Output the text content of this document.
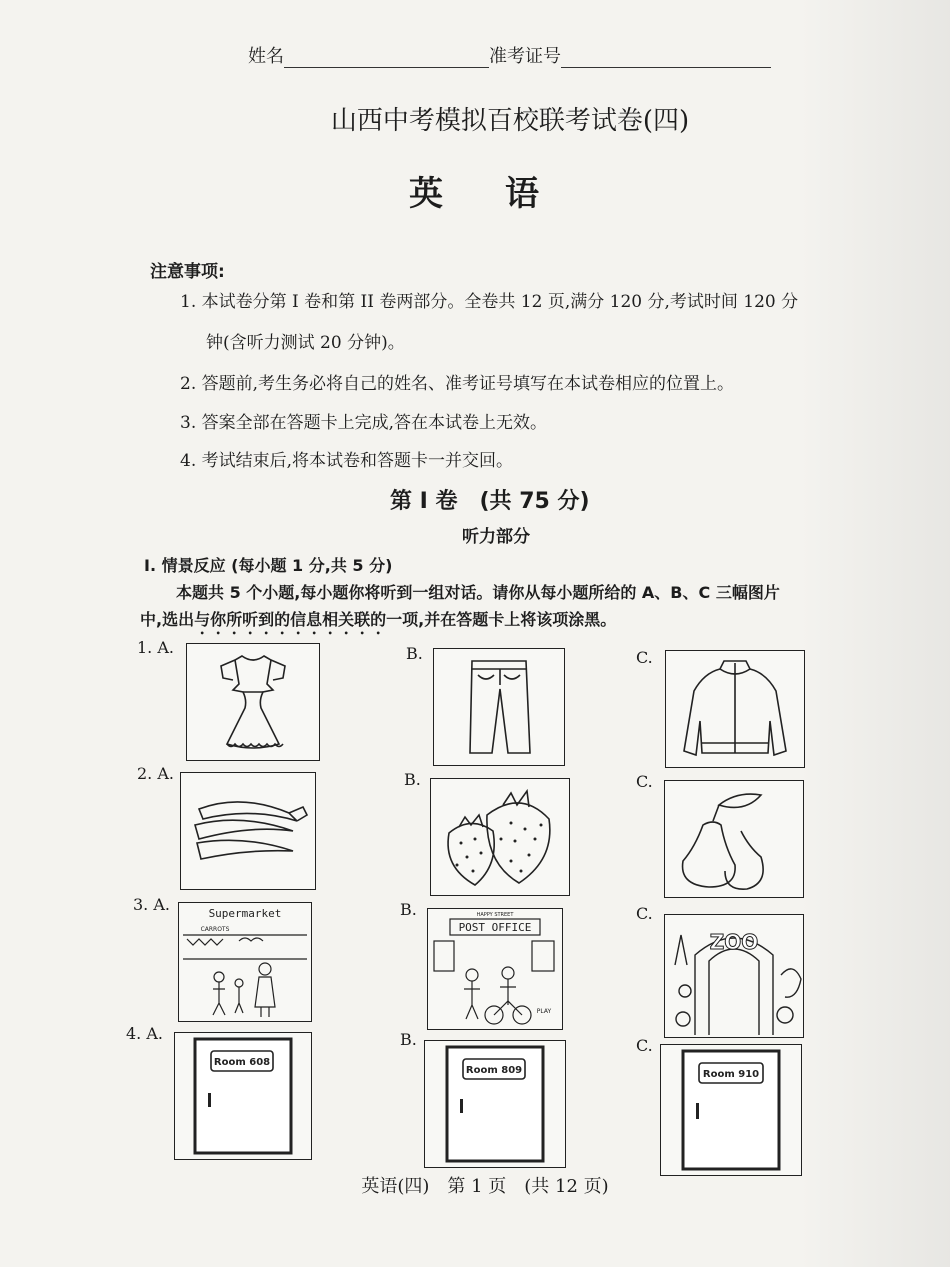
姓名	准考证号
山西中考模拟百校联考试卷(四)
英语
注意事项:
1. 本试卷分第 I 卷和第 II 卷两部分。全卷共 12 页,满分 120 分,考试时间 120 分
钟(含听力测试 20 分钟)。
2. 答题前,考生务必将自己的姓名、准考证号填写在本试卷相应的位置上。
3. 答案全部在答题卡上完成,答在本试卷上无效。
4. 考试结束后,将本试卷和答题卡一并交回。
第 I 卷　(共 75 分)
听力部分
I. 情景反应 (每小题 1 分,共 5 分)
本题共 5 个小题,每小题你将听到一组对话。请你从每小题所给的 A、B、C 三幅图片
中,选出与你所听到的信息相关联的一项,并在答题卡上将该项涂黑。
1. A.	B.	C.
2. A.	B.	C.
3. A.	B.	C.
Supermarket
CARROTS
HAPPY STREET
POST OFFICE
PLAY
ZOO
4. A.	B.	C.
Room 608
Room 809	Room 910
英语(四)　第 1 页　(共 12 页)
